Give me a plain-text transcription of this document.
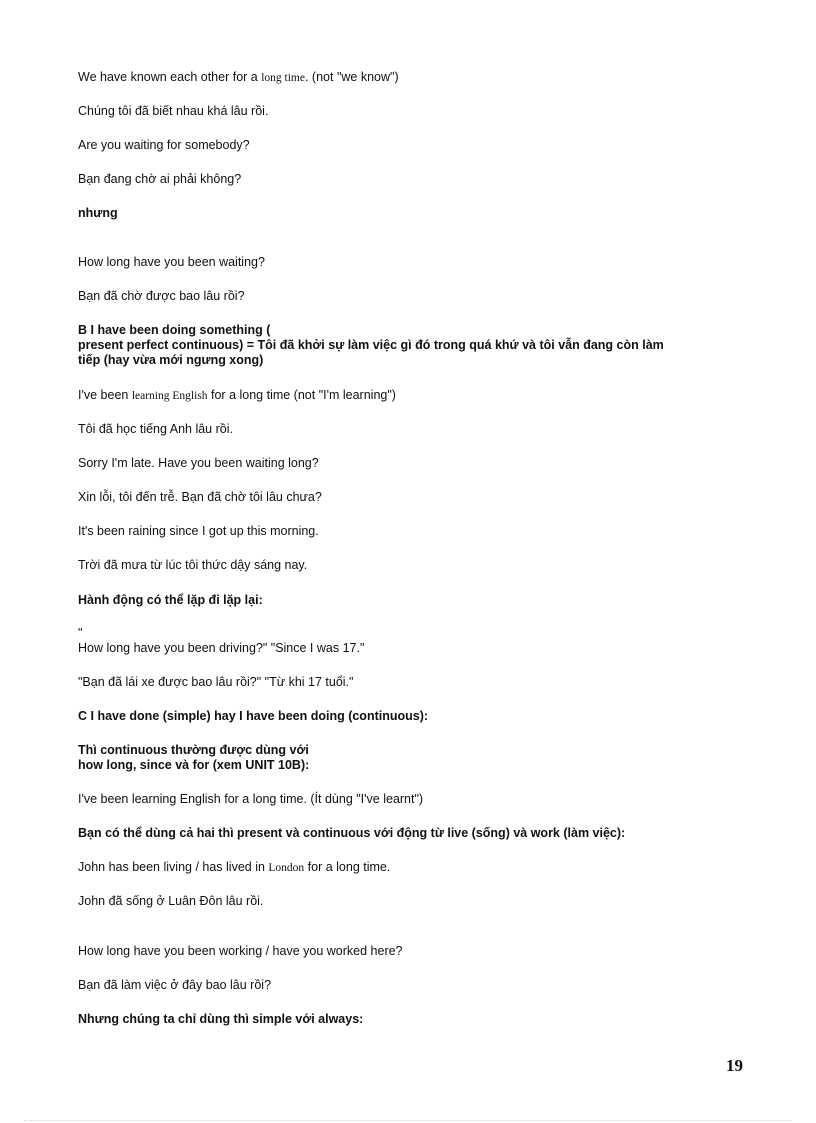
We have known each other for a long time. (not "we know")

Chúng tôi đã biết nhau khá lâu rồi.

Are you waiting for somebody?

Bạn đang chờ ai phải không?

nhưng

How long have you been waiting?

Bạn đã chờ được bao lâu rồi?

B I have been doing something (

present perfect continuous) = Tôi đã khởi sự làm việc gì đó trong quá khứ và tôi vẫn đang còn làm

tiếp (hay vừa mới ngưng xong)

I've been learning English for a long time (not "I'm learning")

Tôi đã học tiếng Anh lâu rồi.

Sorry I'm late. Have you been waiting long?

Xin lỗi, tôi đến trễ. Bạn đã chờ tôi lâu chưa?

It's been raining since I got up this morning.

Trời đã mưa từ lúc tôi thức dậy sáng nay.

Hành động có thể lặp đi lặp lại:

"

How long have you been driving?" "Since I was 17."

"Bạn đã lái xe được bao lâu rồi?" "Từ khi 17 tuổi."

C I have done (simple) hay I have been doing (continuous):

Thì continuous thường được dùng với

how long, since và for (xem UNIT 10B):

I've been learning English for a long time. (Ít dùng "I've learnt")

Bạn có thể dùng cả hai thì present và continuous với động từ live (sống) và work (làm việc):

John has been living / has lived in London for a long time.

John đã sống ở Luân Đôn lâu rồi.

How long have you been working / have you worked here?

Bạn đã làm việc ở đây bao lâu rồi?

Nhưng chúng ta chỉ dùng thì simple với always:

19
